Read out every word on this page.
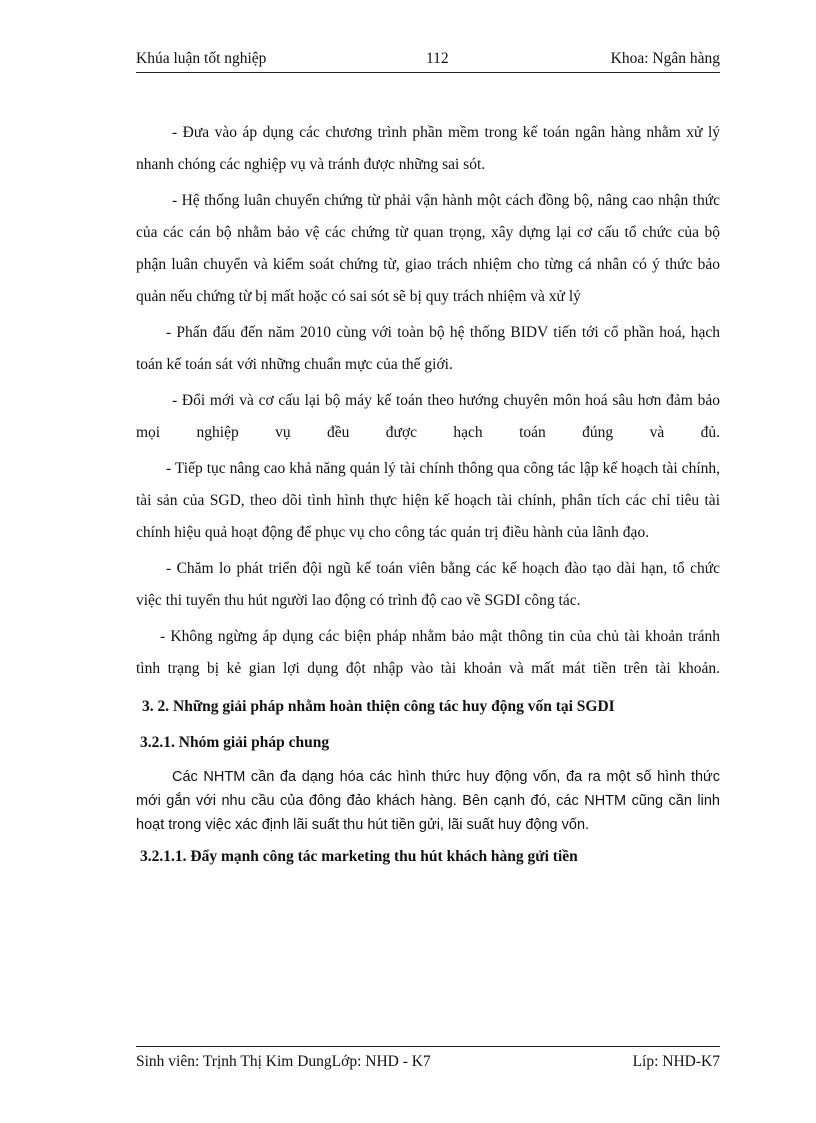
Khúa luận tốt nghiệp	112	Khoa: Ngân hàng

- Đưa vào áp dụng các chương trình phần mềm trong kế toán ngân hàng nhằm xử lý nhanh chóng các nghiệp vụ và tránh được những sai sót.

- Hệ thống luân chuyển chứng từ phải vận hành một cách đồng bộ, nâng cao nhận thức của các cán bộ nhằm bảo vệ các chứng từ quan trọng, xây dựng lại cơ cấu tổ chức của bộ phận luân chuyển và kiểm soát chứng từ, giao trách nhiệm cho từng cá nhân có ý thức bảo quản nếu chứng từ bị mất hoặc có sai sót sẽ bị quy trách nhiệm và xử lý

- Phấn đấu đến năm 2010 cùng với toàn bộ hệ thống BIDV tiến tới cổ phần hoá, hạch toán kế toán sát với những chuẩn mực của thế giới.

- Đổi mới và cơ cấu lại bộ máy kế toán theo hướng chuyên môn hoá sâu hơn đảm bảo mọi nghiệp vụ đều được hạch toán đúng và đủ.

- Tiếp tục nâng cao khả năng quản lý tài chính thông qua công tác lập kế hoạch tài chính, tài sản của SGD, theo dõi tình hình thực hiện kế hoạch tài chính, phân tích các chỉ tiêu tài chính hiệu quả hoạt động để phục vụ cho công tác quản trị điều hành của lãnh đạo.

- Chăm lo phát triển đội ngũ kế toán viên bằng các kế hoạch đào tạo dài hạn, tổ chức việc thi tuyển thu hút người lao động có trình độ cao về SGDI công tác.

- Không ngừng áp dụng các biện pháp nhằm bảo mật thông tin của chủ tài khoản tránh tình trạng bị kẻ gian lợi dụng đột nhập vào tài khoản và mất mát tiền trên tài khoản.

3. 2. Những giải pháp nhằm hoàn thiện công tác huy động vốn tại SGDI
3.2.1. Nhóm giải pháp chung

Các NHTM cần đa dạng hóa các hình thức huy động vốn, đa ra một số hình thức mới gắn với nhu cầu của đông đảo khách hàng. Bên cạnh đó, các NHTM cũng cần linh hoạt trong việc xác định lãi suất thu hút tiền gửi, lãi suất huy động vốn.

3.2.1.1. Đẩy mạnh công tác marketing thu hút khách hàng gửi tiền
Sinh viên: Trịnh Thị Kim DungLớp: NHD - K7	Líp: NHD-K7
